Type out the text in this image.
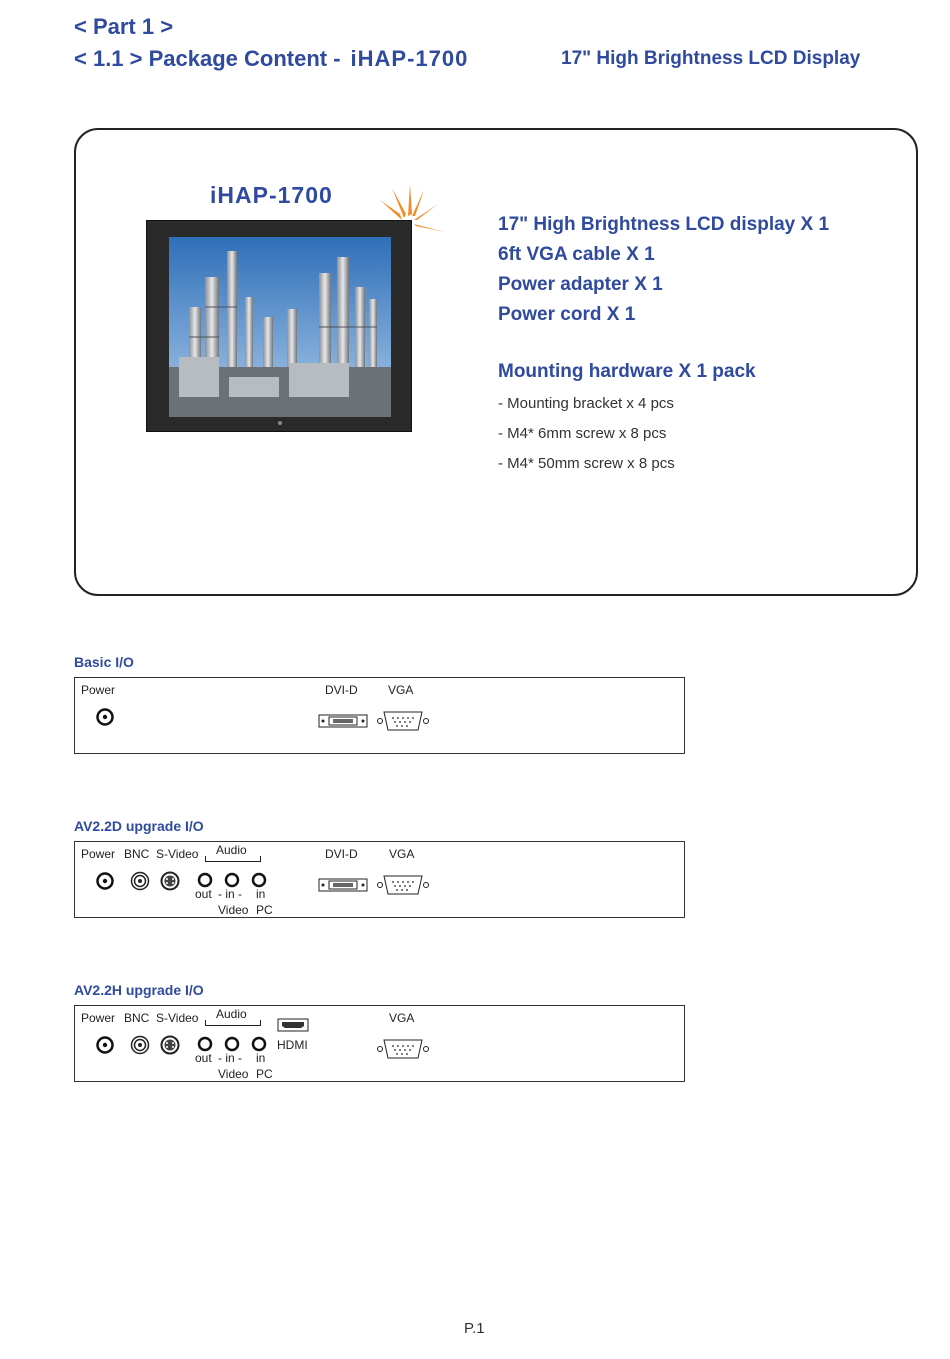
< Part 1 >
< 1.1 > Package Content - iHAP-1700	17" High Brightness LCD Display
iHAP-1700
17" High Brightness LCD display X 1
6ft VGA cable X 1
Power adapter X 1
Power cord X 1
Mounting hardware X 1 pack
- Mounting bracket x 4 pcs
- M4* 6mm screw x 8 pcs
- M4* 50mm screw x 8 pcs
Basic I/O
Power	DVI-D	VGA
AV2.2D upgrade I/O
Power BNC S-Video Audio	DVI-D	VGA
out - in - in
Video PC
AV2.2H upgrade I/O
Power BNC S-Video Audio	VGA
out - in - in
Video PC
HDMI
P.1
